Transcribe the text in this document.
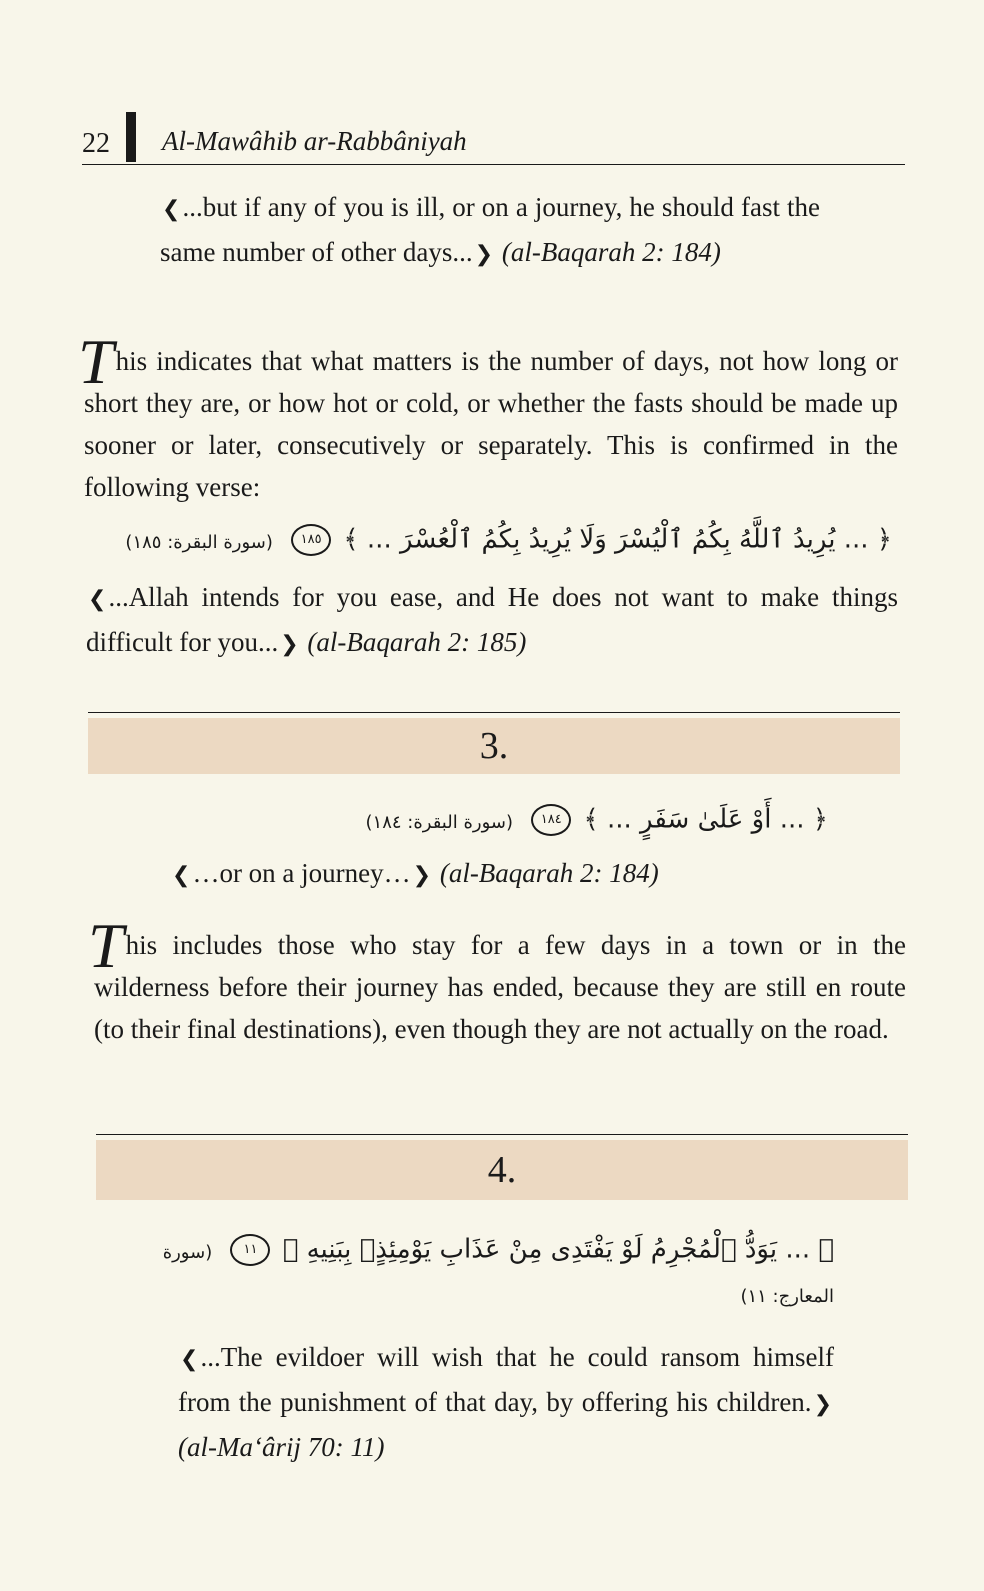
22 Al-Mawâhib ar-Rabbâniyah

❮...but if any of you is ill, or on a journey, he should fast the same number of other days...❯ (al-Baqarah 2: 184)

This indicates that what matters is the number of days, not how long or short they are, or how hot or cold, or whether the fasts should be made up sooner or later, consecutively or separately. This is confirmed in the following verse:

﴿ ... يُرِيدُ ٱللَّهُ بِكُمُ ٱلْيُسْرَ وَلَا يُرِيدُ بِكُمُ ٱلْعُسْرَ ... ﴾ ١٨٥ (سورة البقرة: ١٨٥)

❮...Allah intends for you ease, and He does not want to make things difficult for you...❯ (al-Baqarah 2: 185)

3.
﴿ ... أَوْ عَلَىٰ سَفَرٍ ... ﴾ ١٨٤ (سورة البقرة: ١٨٤)

❮…or on a journey…❯ (al-Baqarah 2: 184)

This includes those who stay for a few days in a town or in the wilderness before their journey has ended, because they are still en route (to their final destinations), even though they are not actually on the road.

4.
﴿ ... يَوَدُّ ٱلْمُجْرِمُ لَوْ يَفْتَدِى مِنْ عَذَابِ يَوْمِئِذٍۭ بِبَنِيهِ ﴾ ١١ (سورة
المعارج: ١١)

❮...The evildoer will wish that he could ransom himself from the punishment of that day, by offering his children.❯ (al-Ma‘ârij 70: 11)
